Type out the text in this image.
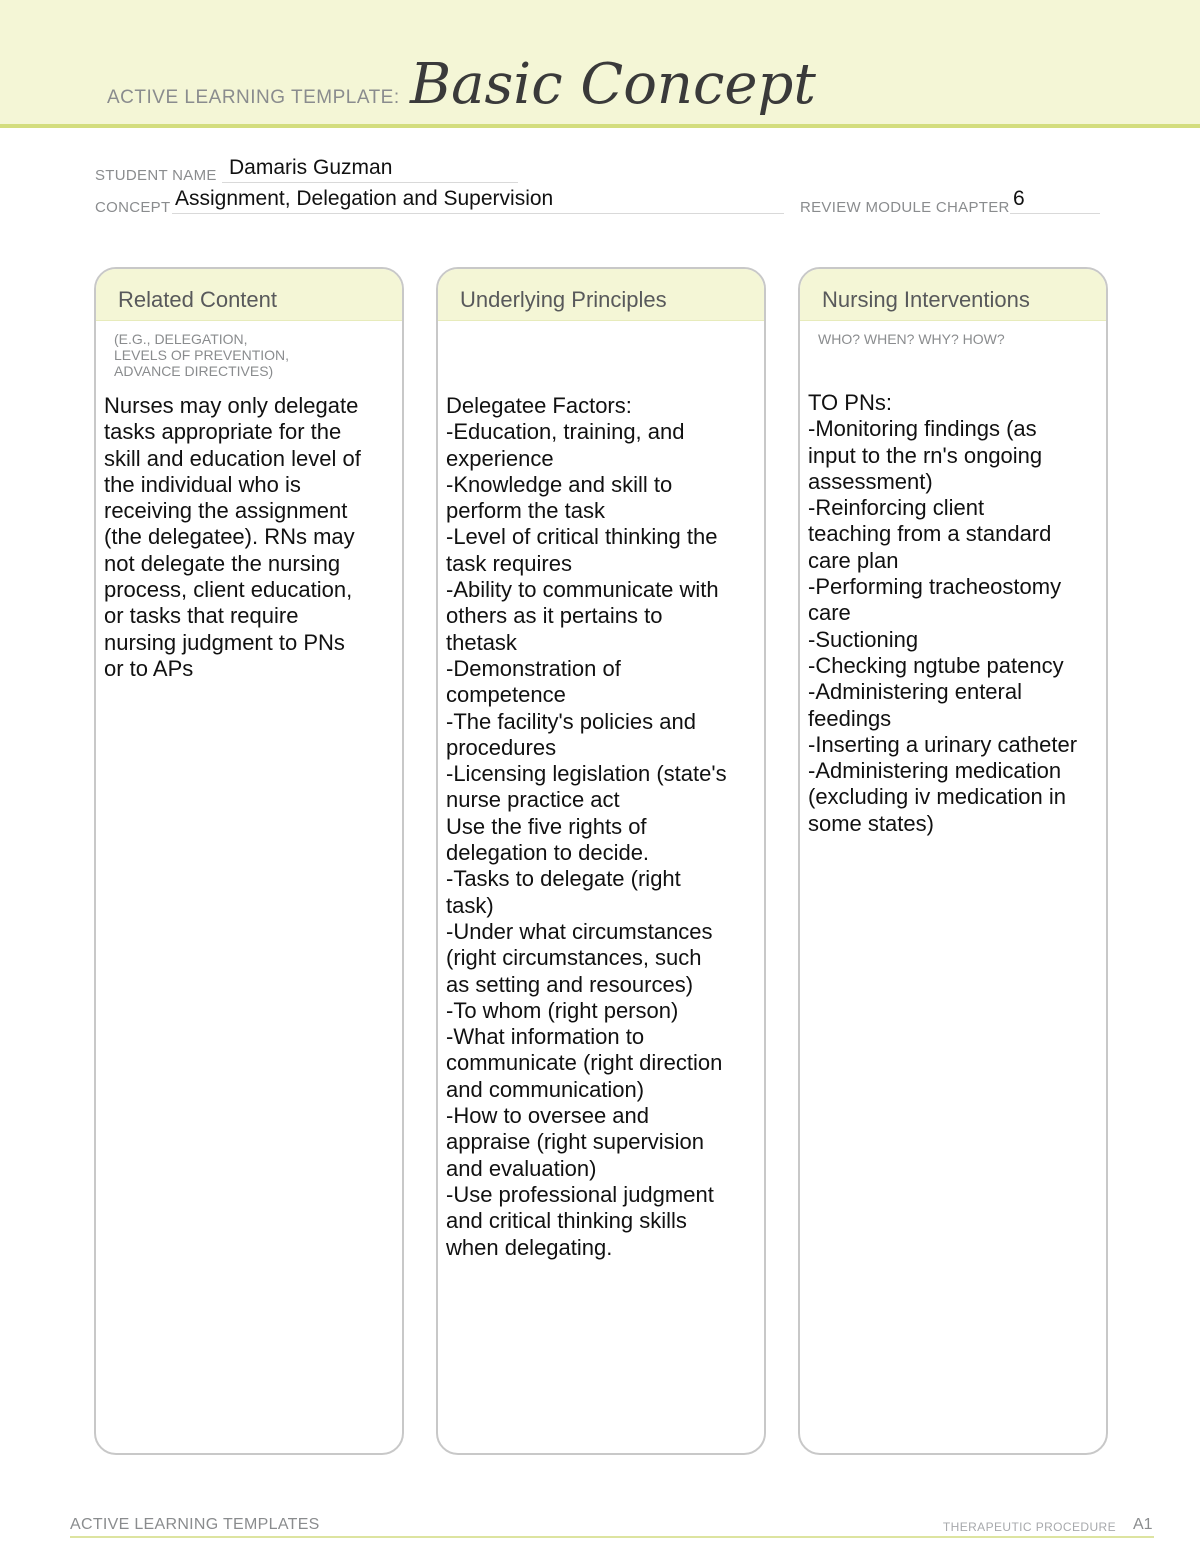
ACTIVE LEARNING TEMPLATE: Basic Concept
STUDENT NAME Damaris Guzman
CONCEPT Assignment, Delegation and Supervision	REVIEW MODULE CHAPTER 6
Related Content
(E.G., DELEGATION,
LEVELS OF PREVENTION,
ADVANCE DIRECTIVES)
Nurses may only delegate
tasks appropriate for the
skill and education level of
the individual who is
receiving the assignment
(the delegatee). RNs may
not delegate the nursing
process, client education,
or tasks that require
nursing judgment to PNs
or to APs
Underlying Principles
Delegatee Factors:
-Education, training, and
experience
-Knowledge and skill to
perform the task
-Level of critical thinking the
task requires
-Ability to communicate with
others as it pertains to
thetask
-Demonstration of
competence
-The facility's policies and
procedures
-Licensing legislation (state's
nurse practice act
Use the five rights of
delegation to decide.
-Tasks to delegate (right
task)
-Under what circumstances
(right circumstances, such
as setting and resources)
-To whom (right person)
-What information to
communicate (right direction
and communication)
-How to oversee and
appraise (right supervision
and evaluation)
-Use professional judgment
and critical thinking skills
when delegating.
Nursing Interventions
WHO? WHEN? WHY? HOW?
TO PNs:
-Monitoring findings (as
input to the rn's ongoing
assessment)
-Reinforcing client
teaching from a standard
care plan
-Performing tracheostomy
care
-Suctioning
-Checking ngtube patency
-Administering enteral
feedings
-Inserting a urinary catheter
-Administering medication
(excluding iv medication in
some states)
ACTIVE LEARNING TEMPLATES	THERAPEUTIC PROCEDURE A1
